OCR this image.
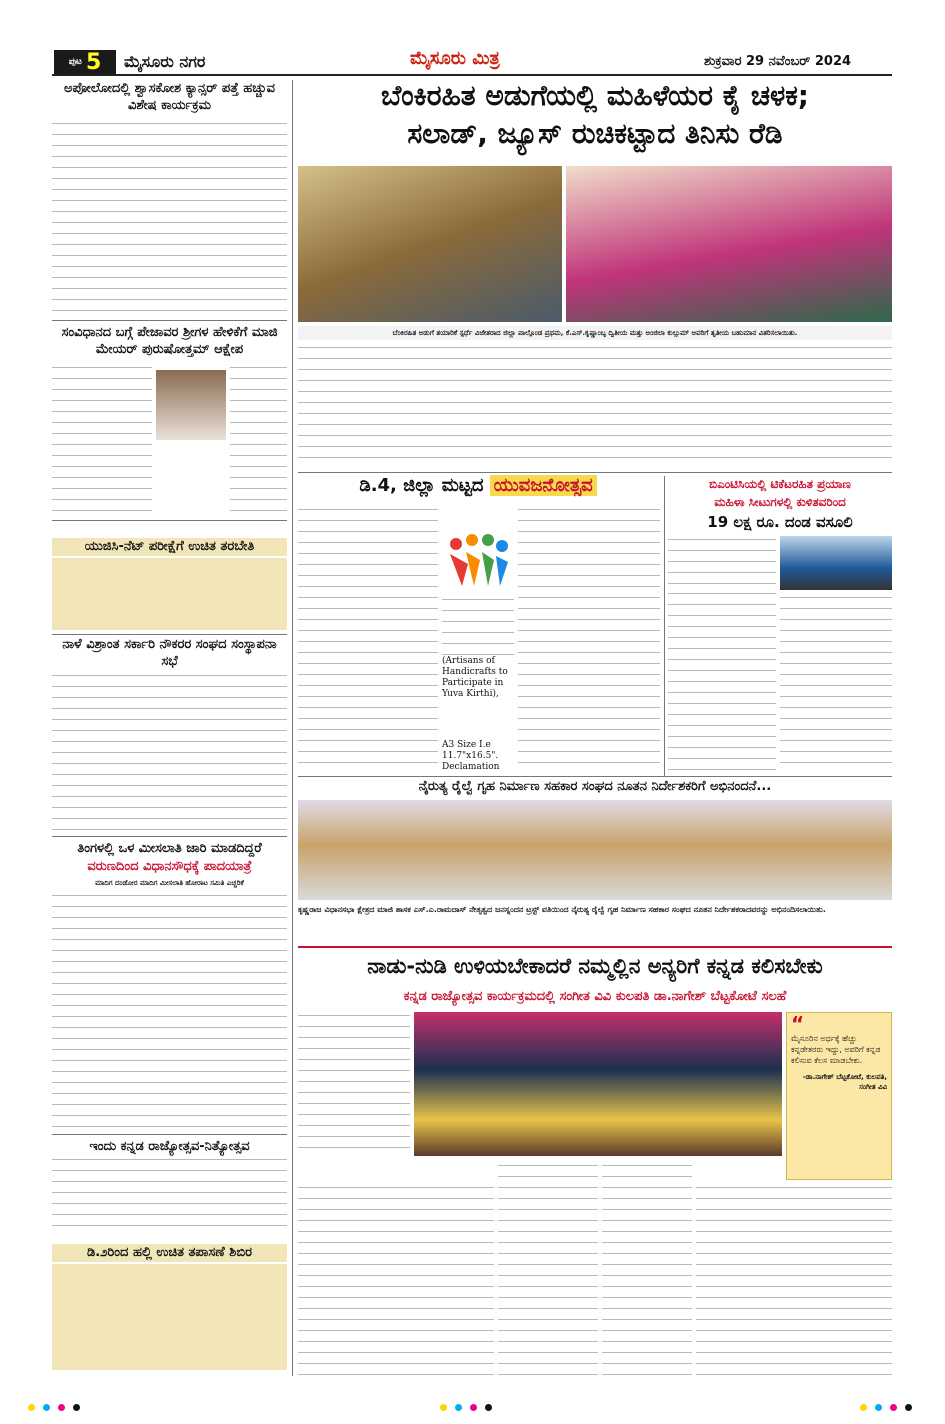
ಪುಟ 5 ಮೈಸೂರು ನಗರ	ಮೈಸೂರು ಮಿತ್ರ	ಶುಕ್ರವಾರ 29 ನವೆಂಬರ್ 2024
ಅಪೋಲೋದಲ್ಲಿ ಶ್ವಾಸಕೋಶ ಕ್ಯಾನ್ಸರ್ ಪತ್ತೆ ಹಚ್ಚುವ ವಿಶೇಷ ಕಾರ್ಯಕ್ರಮ
ಸಂವಿಧಾನದ ಬಗ್ಗೆ ಪೇಜಾವರ ಶ್ರೀಗಳ ಹೇಳಿಕೆಗೆ ಮಾಜಿ ಮೇಯರ್ ಪುರುಷೋತ್ತಮ್ ಆಕ್ಷೇಪ
ಯುಜಿಸಿ-ನೆಟ್ ಪರೀಕ್ಷೆಗೆ ಉಚಿತ ತರಬೇತಿ
ನಾಳೆ ವಿಶ್ರಾಂತ ಸರ್ಕಾರಿ ನೌಕರರ ಸಂಘದ ಸಂಸ್ಥಾಪನಾ ಸಭೆ
ತಿಂಗಳಲ್ಲಿ ಒಳ ಮೀಸಲಾತಿ ಜಾರಿ ಮಾಡದಿದ್ದರೆ
ವರುಣದಿಂದ ವಿಧಾನಸೌಧಕ್ಕೆ ಪಾದಯಾತ್ರೆ
ಮಾದಿಗ ದಂಡೋರ ಮಾದಿಗ ಮೀಸಲಾತಿ ಹೋರಾಟ ಸಮಿತಿ ಎಚ್ಚರಿಕೆ
ಇಂದು ಕನ್ನಡ ರಾಜ್ಯೋತ್ಸವ-ನಿತ್ಯೋತ್ಸವ
ಡಿ.೨ರಿಂದ ಹಲ್ಲಿ ಉಚಿತ ತಪಾಸಣೆ ಶಿಬಿರ
ಬೆಂಕಿರಹಿತ ಅಡುಗೆಯಲ್ಲಿ ಮಹಿಳೆಯರ ಕೈ ಚಳಕ;
ಸಲಾಡ್, ಜ್ಯೂಸ್ ರುಚಿಕಟ್ಟಾದ ತಿನಿಸು ರೆಡಿ
ಬೆಂಕಿರಹಿತ ಅಡುಗೆ ತಯಾರಿಕೆ ಸ್ಪರ್ಧೆ ವಿಜೇತರಾದ ಜಿಲ್ಲಾ ಪಾಲ್ಗೊಂಡ ಪ್ರಥಮ, ಕೆ.ಎಸ್.ಕೃಷ್ಣಾಂಬ್ಳ ದ್ವಿತೀಯ ಮತ್ತು ಅಂಜಿಲಾ ಕುಲ್ಸುಮ್ ಅವರಿಗೆ ತೃತೀಯ ಬಹುಮಾನ ವಿತರಿಸಲಾಯಿತು.
ಡಿ.4, ಜಿಲ್ಲಾ ಮಟ್ಟದ ಯುವಜನೋತ್ಸವ
(Artisans of Handicrafts to Participate in Yuva Kirthi),
A3 Size I.e 11.7"x16.5". Declamation
ಬಿಎಂಟಿಸಿಯಲ್ಲಿ ಟಿಕೆಟರಹಿತ ಪ್ರಯಾಣ
ಮಹಿಳಾ ಸೀಟುಗಳಲ್ಲಿ ಕುಳಿತವರಿಂದ
19 ಲಕ್ಷ ರೂ. ದಂಡ ವಸೂಲಿ
ನೈರುತ್ಯ ರೈಲ್ವೆ ಗೃಹ ನಿರ್ಮಾಣ ಸಹಕಾರ ಸಂಘದ ನೂತನ ನಿರ್ದೇಶಕರಿಗೆ ಅಭಿನಂದನೆ...
ಕೃಷ್ಣರಾಜ ವಿಧಾನಸಭಾ ಕ್ಷೇತ್ರದ ಮಾಜಿ ಶಾಸಕ ಎಸ್.ಎ.ರಾಮದಾಸ್ ನೇತೃತ್ವದ ಜನಸ್ನಂದನ ಟ್ರಸ್ಟ್ ವತಿಯಿಂದ ನೈರುತ್ಯ ರೈಲ್ವೆ ಗೃಹ ನಿರ್ಮಾಣ ಸಹಕಾರ ಸಂಘದ ನೂತನ ನಿರ್ದೇಶಕರಾದವರನ್ನು ಅಭಿನಂದಿಸಲಾಯಿತು.
ನಾಡು-ನುಡಿ ಉಳಿಯಬೇಕಾದರೆ ನಮ್ಮಲ್ಲಿನ ಅನ್ಯರಿಗೆ ಕನ್ನಡ ಕಲಿಸಬೇಕು
ಕನ್ನಡ ರಾಜ್ಯೋತ್ಸವ ಕಾರ್ಯಕ್ರಮದಲ್ಲಿ ಸಂಗೀತ ವಿವಿ ಕುಲಪತಿ ಡಾ.ನಾಗೇಶ್ ಬೆಟ್ಟಕೋಟೆ ಸಲಹೆ
“
ಮೈಸೂರಿನ ಅರ್ಧಕ್ಕೆ ಹೆಚ್ಚು ಕನ್ನಡೇತರರು ಇದ್ದು, ಅವರಿಗೆ ಕನ್ನಡ ಕಲಿಸುವ ಕೆಲಸ ಮಾಡಬೇಕು.
-ಡಾ.ನಾಗೇಶ್ ಬೆಟ್ಟಕೋಟೆ, ಕುಲಪತಿ, ಸಂಗೀತ ವಿವಿ
